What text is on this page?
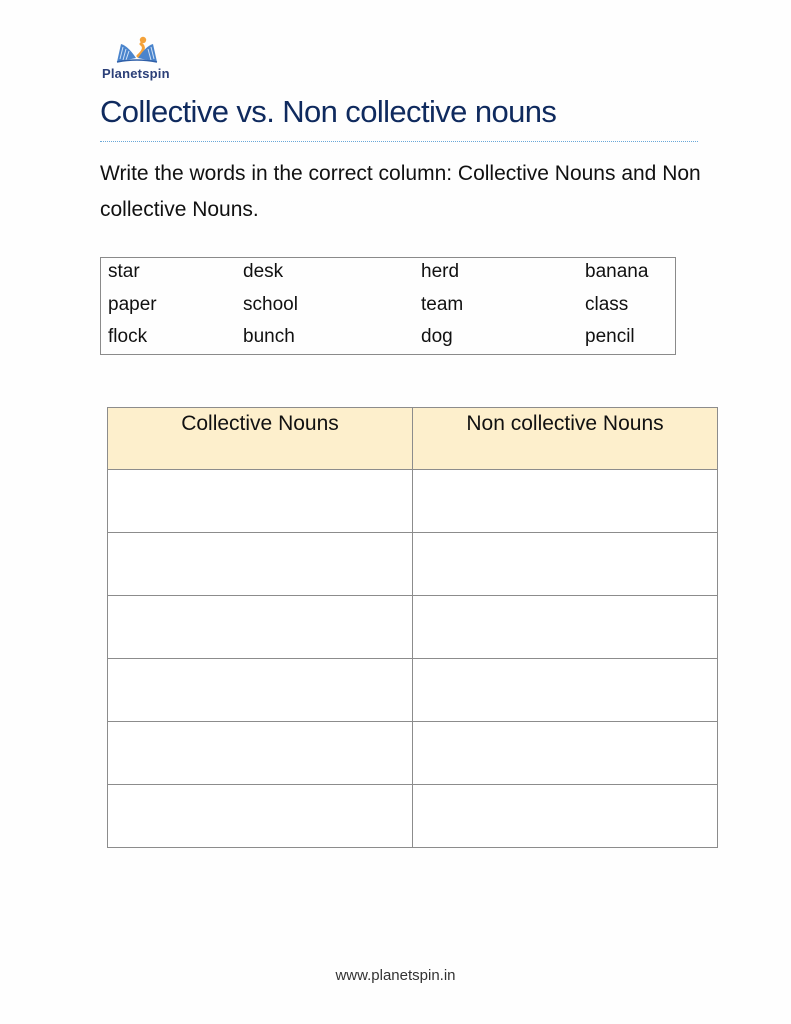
Planetspin
Collective vs. Non collective nouns
Write the words in the correct column: Collective Nouns and Non collective Nouns.
star	desk	herd	banana
paper	school	team	class
flock	bunch	dog	pencil
Collective Nouns	Non collective Nouns

www.planetspin.in
